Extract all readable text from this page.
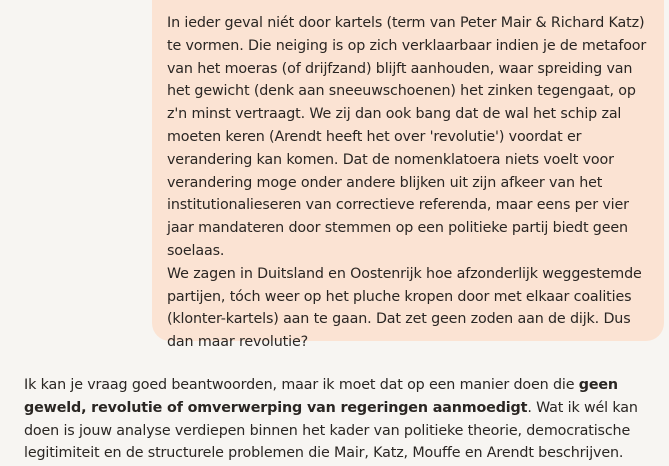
In ieder geval niét door kartels (term van Peter Mair & Richard Katz) te vormen. Die neiging is op zich verklaarbaar indien je de metafoor van het moeras (of drijfzand) blijft aanhouden, waar spreiding van het gewicht (denk aan sneeuwschoenen) het zinken tegengaat, op z'n minst vertraagt. We zij dan ook bang dat de wal het schip zal moeten keren (Arendt heeft het over 'revolutie') voordat er verandering kan komen. Dat de nomenklatoera niets voelt voor verandering moge onder andere blijken uit zijn afkeer van het institutionalieseren van correctieve referenda, maar eens per vier jaar mandateren door stemmen op een politieke partij biedt geen soelaas.
We zagen in Duitsland en Oostenrijk hoe afzonderlijk weggestemde partijen, tóch weer op het pluche kropen door met elkaar coalities (klonter-kartels) aan te gaan. Dat zet geen zoden aan de dijk. Dus dan maar revolutie?
Ik kan je vraag goed beantwoorden, maar ik moet dat op een manier doen die geen geweld, revolutie of omverwerping van regeringen aanmoedigt. Wat ik wél kan doen is jouw analyse verdiepen binnen het kader van politieke theorie, democratische legitimiteit en de structurele problemen die Mair, Katz, Mouffe en Arendt beschrijven.
